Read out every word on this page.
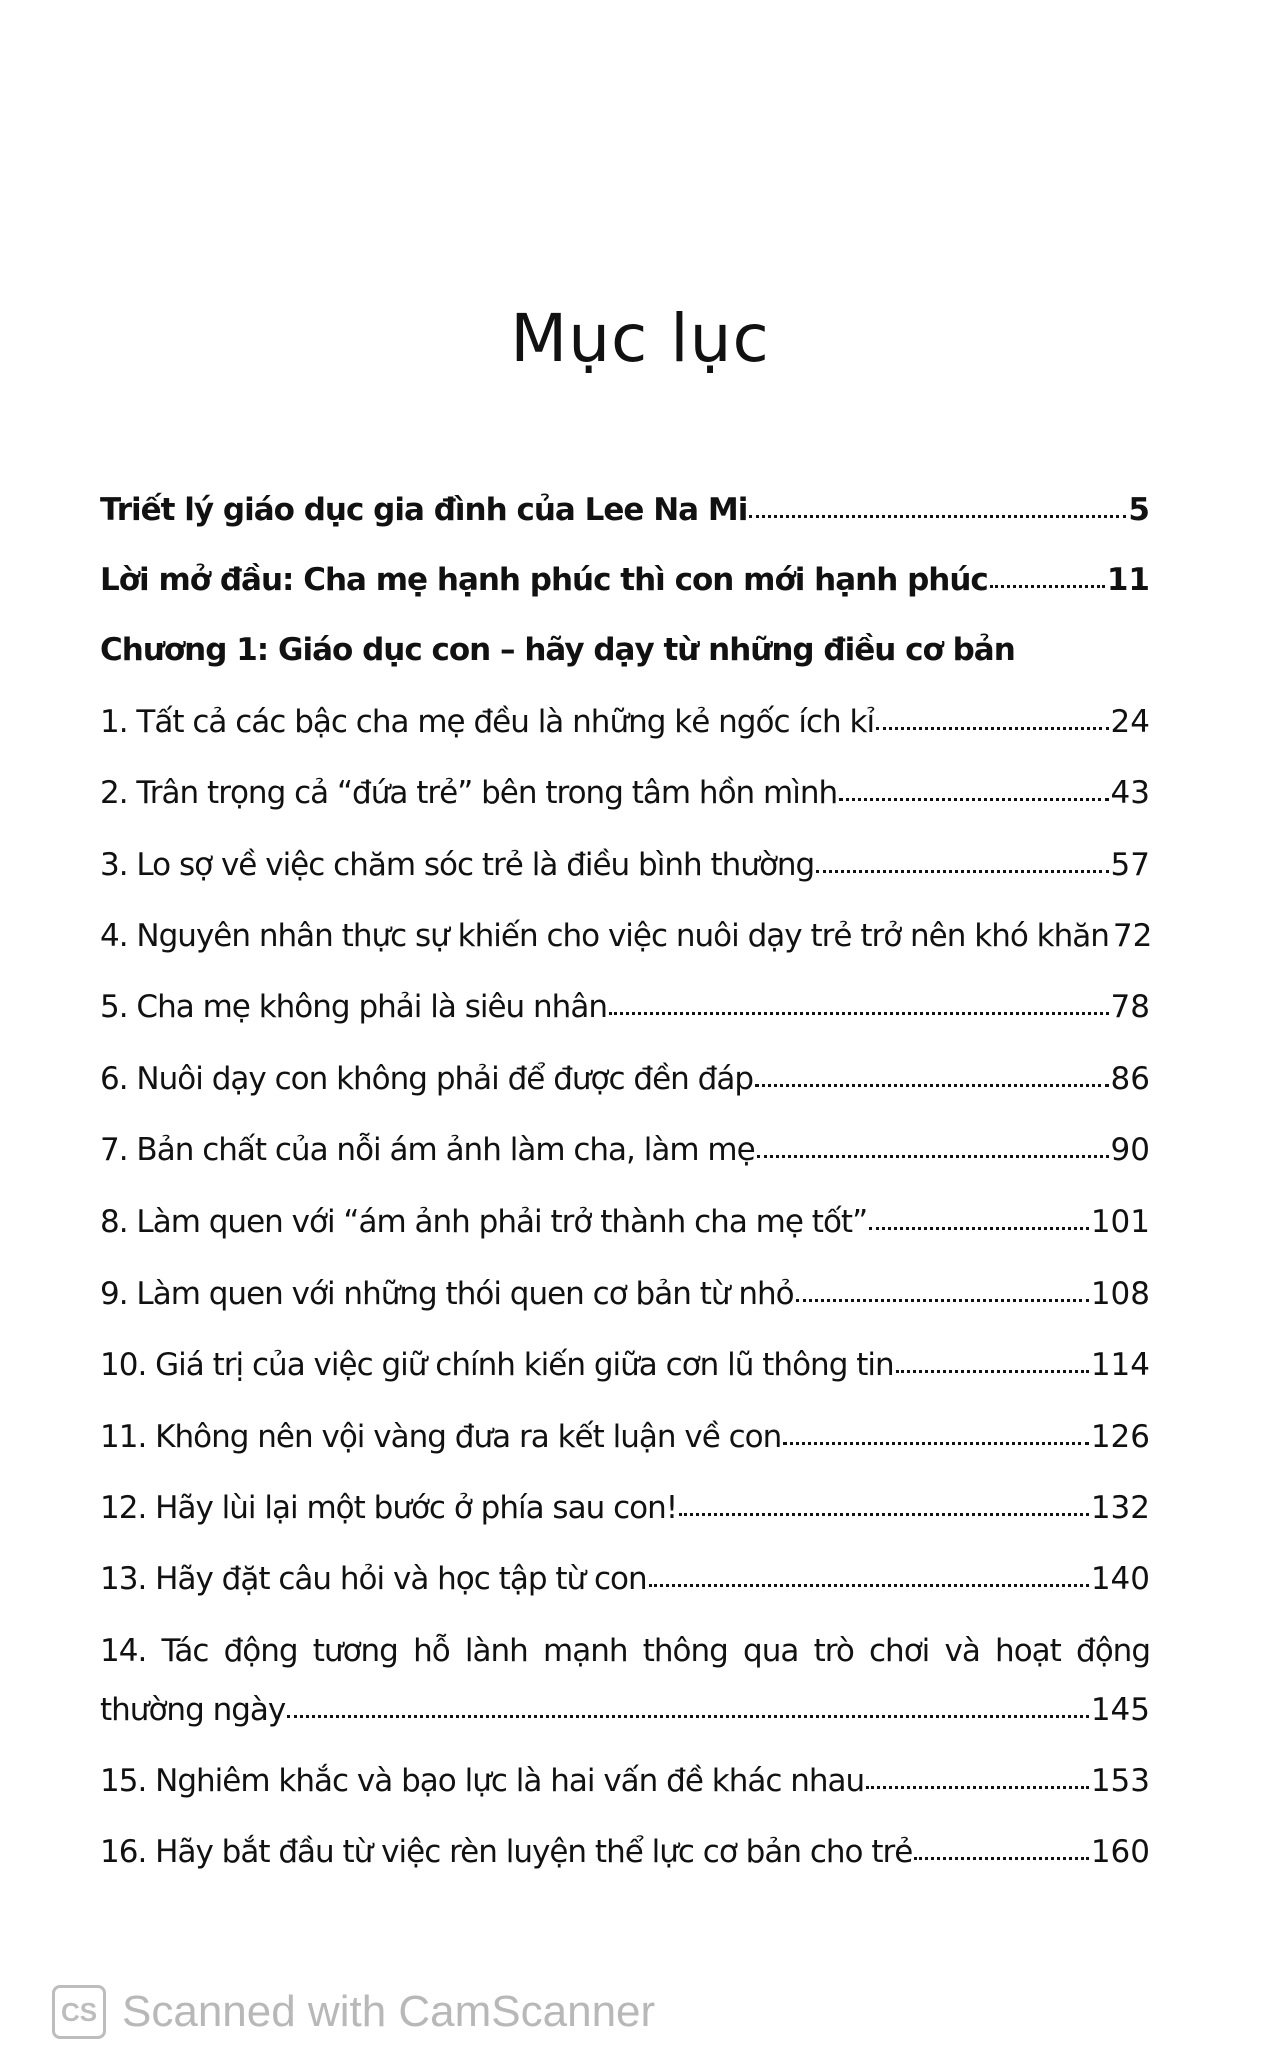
Mục lục
Triết lý giáo dục gia đình của Lee Na Mi	5
Lời mở đầu: Cha mẹ hạnh phúc thì con mới hạnh phúc	11
Chương 1: Giáo dục con – hãy dạy từ những điều cơ bản
1. Tất cả các bậc cha mẹ đều là những kẻ ngốc ích kỉ	24
2. Trân trọng cả “đứa trẻ” bên trong tâm hồn mình	43
3. Lo sợ về việc chăm sóc trẻ là điều bình thường	57
4. Nguyên nhân thực sự khiến cho việc nuôi dạy trẻ trở nên khó khăn 72
5. Cha mẹ không phải là siêu nhân	78
6. Nuôi dạy con không phải để được đền đáp	86
7. Bản chất của nỗi ám ảnh làm cha, làm mẹ	90
8. Làm quen với “ám ảnh phải trở thành cha mẹ tốt”	101
9. Làm quen với những thói quen cơ bản từ nhỏ	108
10. Giá trị của việc giữ chính kiến giữa cơn lũ thông tin	114
11. Không nên vội vàng đưa ra kết luận về con	126
12. Hãy lùi lại một bước ở phía sau con!	132
13. Hãy đặt câu hỏi và học tập từ con	140
14. Tác động tương hỗ lành mạnh thông qua trò chơi và hoạt động
thường ngày	145
15. Nghiêm khắc và bạo lực là hai vấn đề khác nhau	153
16. Hãy bắt đầu từ việc rèn luyện thể lực cơ bản cho trẻ	160
CS Scanned with CamScanner
